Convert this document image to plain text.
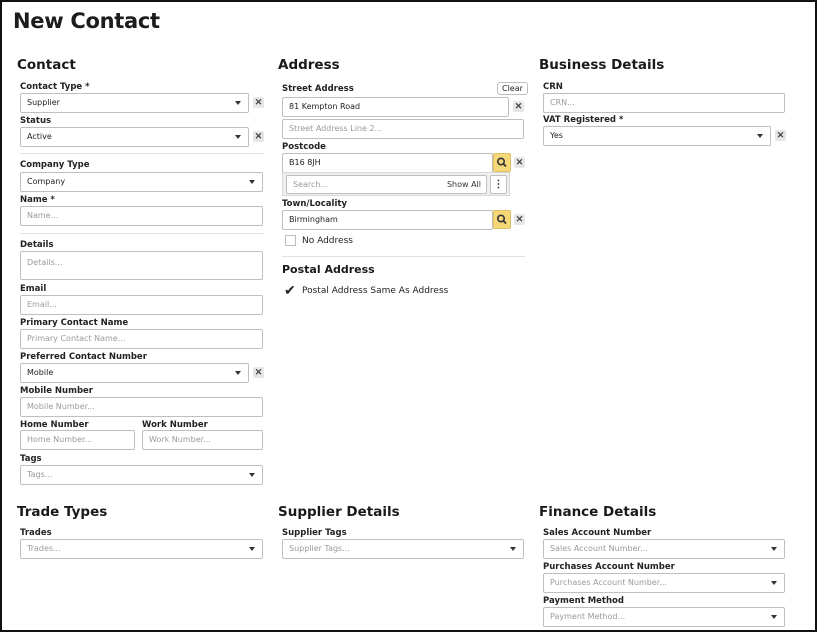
New Contact
Contact
Contact Type *
Supplier	✕
Status
Active	✕
Company Type
Company
Name *
Name...
Details
Details...
Email
Email...
Primary Contact Name
Primary Contact Name...
Preferred Contact Number
Mobile	✕
Mobile Number
Mobile Number...
Home Number
Home Number...
Work Number
Work Number...
Tags
Tags...
Address
Street Address	Clear
81 Kempton Road	✕
Street Address Line 2...
Postcode
B16 8JH	✕
Search...	Show All	⋮
Town/Locality
Birmingham	✕
No Address
Postal Address
✔ Postal Address Same As Address
Business Details
CRN
CRN...
VAT Registered *
Yes	✕
Trade Types
Trades
Trades...
Supplier Details
Supplier Tags
Supplier Tags...
Finance Details
Sales Account Number
Sales Account Number...
Purchases Account Number
Purchases Account Number...
Payment Method
Payment Method...
